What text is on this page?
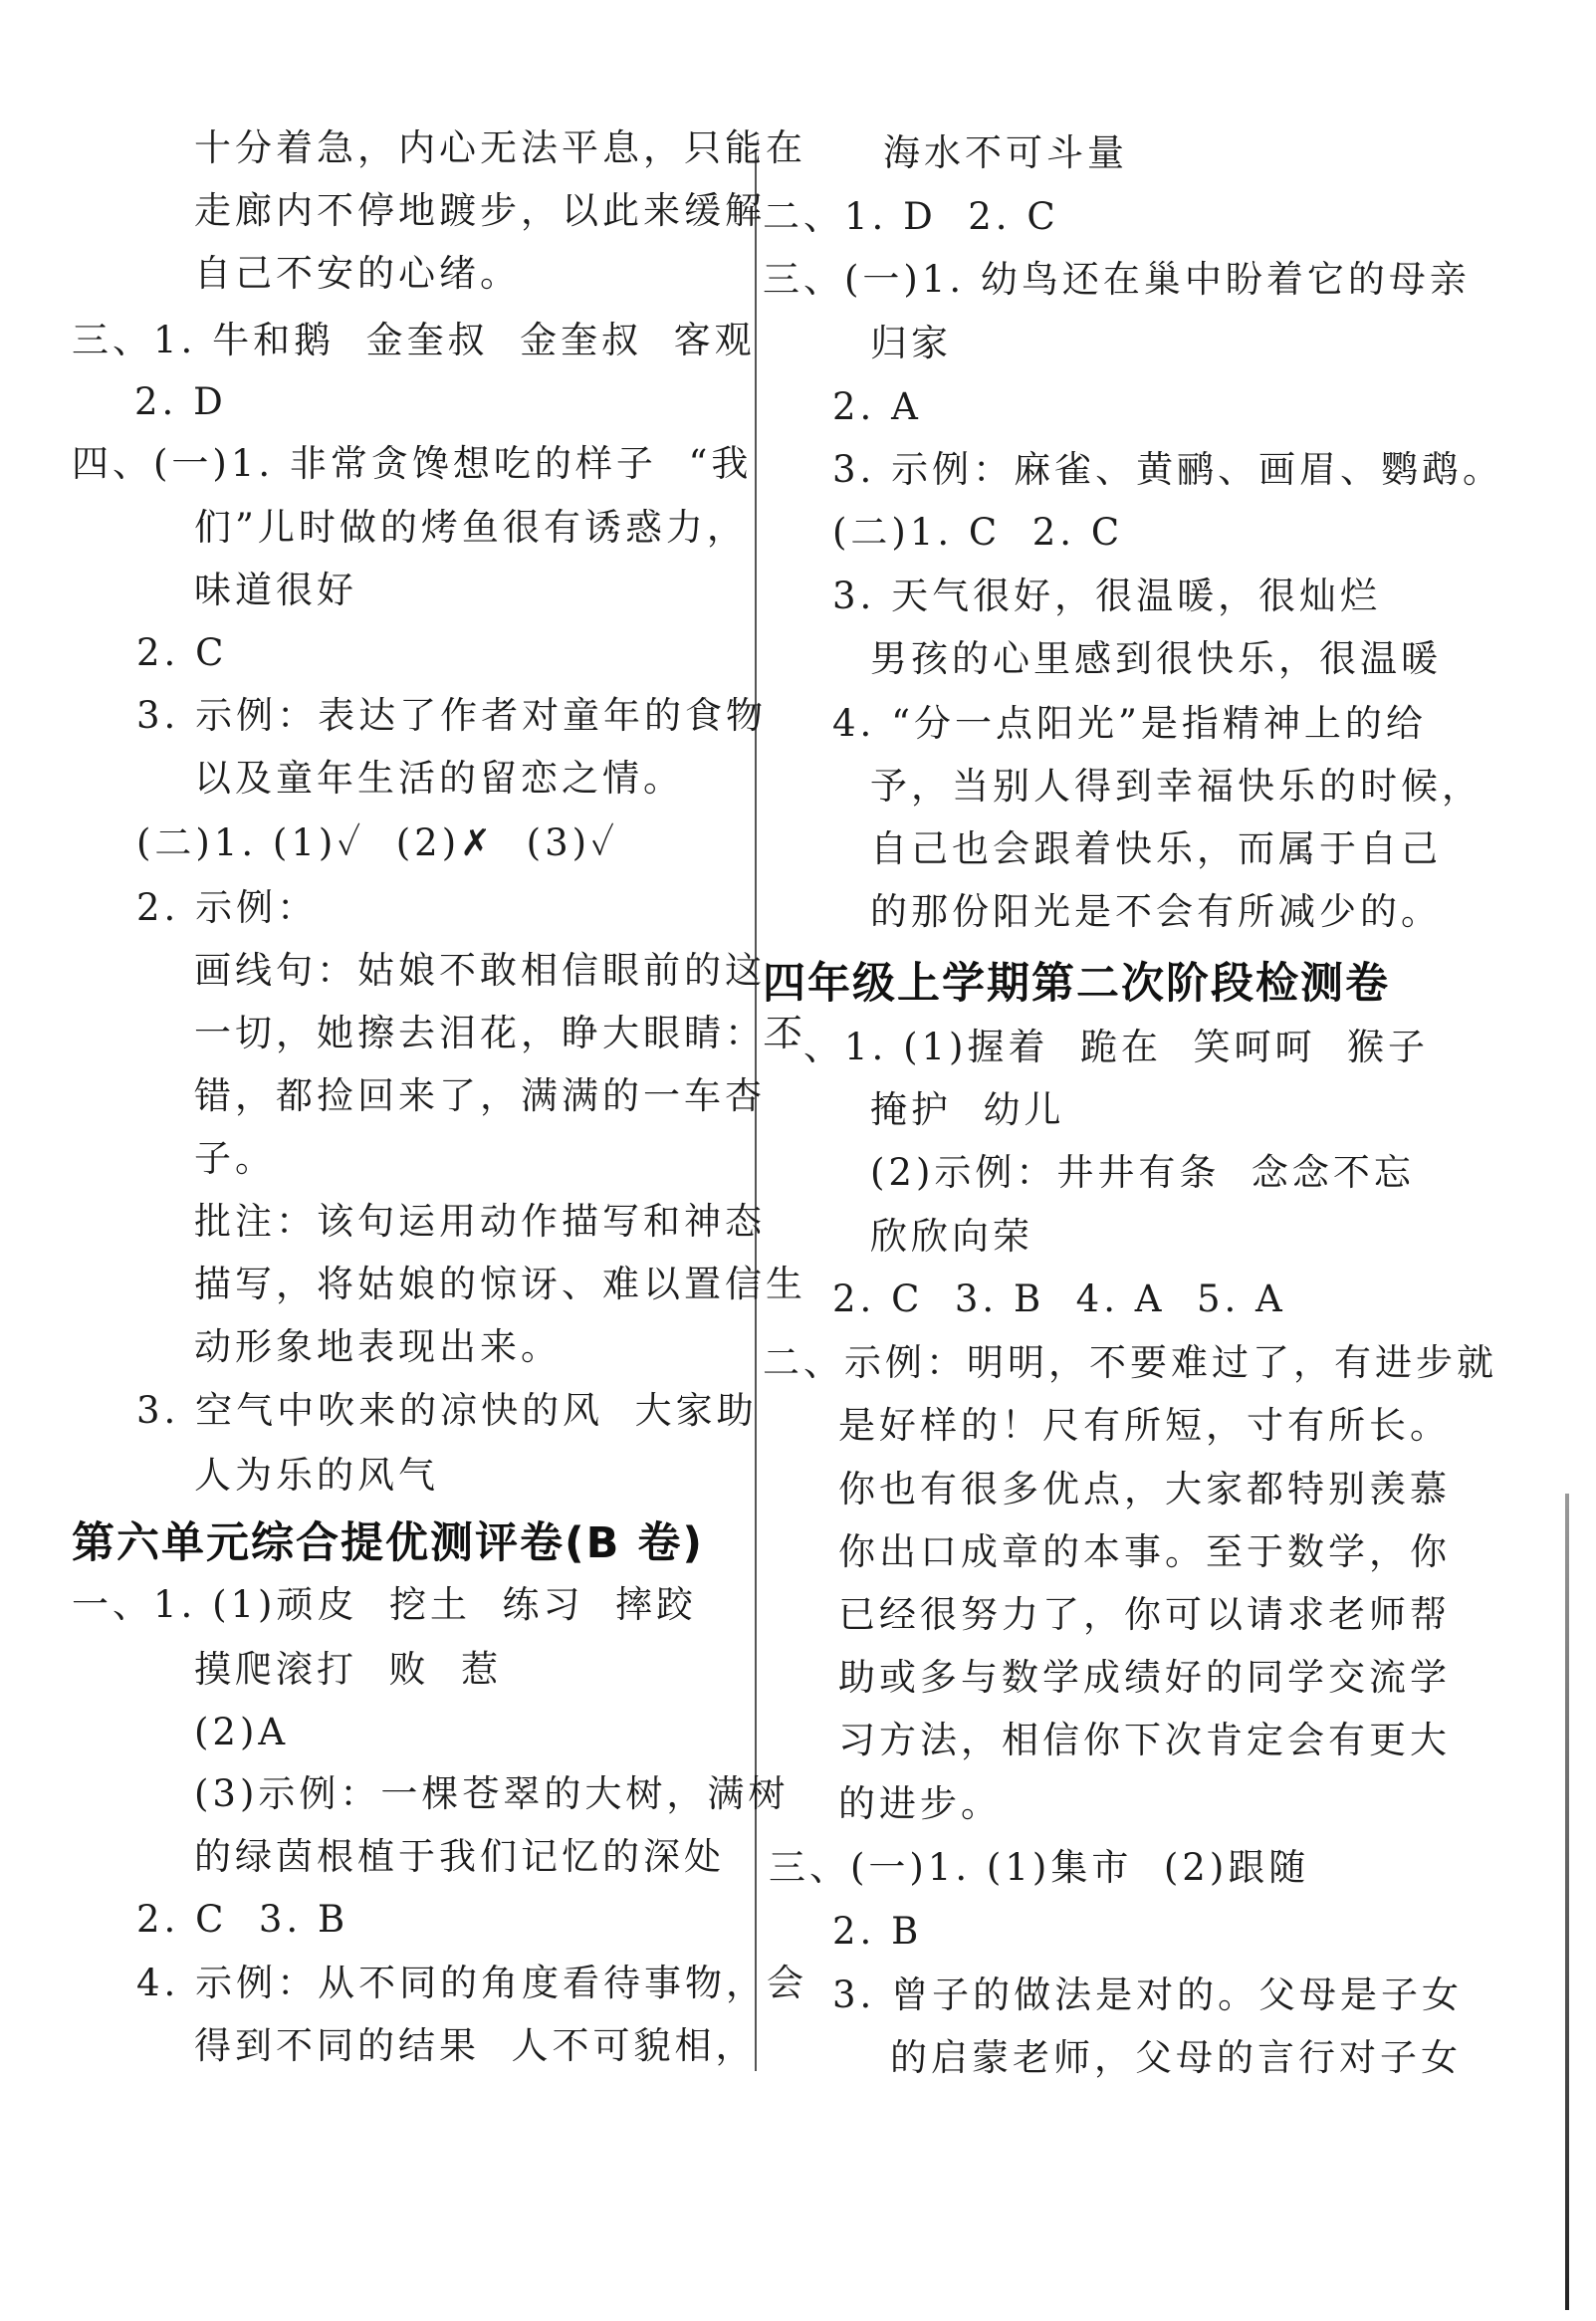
十分着急，内心无法平息，只能在
走廊内不停地踱步，以此来缓解
自己不安的心绪。
三、1. 牛和鹅  金奎叔  金奎叔  客观
2. D
四、(一)1. 非常贪馋想吃的样子  “我
们”儿时做的烤鱼很有诱惑力，
味道很好
2. C
3. 示例：表达了作者对童年的食物
以及童年生活的留恋之情。
(二)1. (1)✓  (2)✗  (3)✓
2. 示例：
画线句：姑娘不敢相信眼前的这
一切，她擦去泪花，睁大眼睛：不
错，都捡回来了，满满的一车杏
子。
批注：该句运用动作描写和神态
描写，将姑娘的惊讶、难以置信生
动形象地表现出来。
3. 空气中吹来的凉快的风  大家助
人为乐的风气
第六单元综合提优测评卷(B 卷)
一、1. (1)顽皮  挖土  练习  摔跤
摸爬滚打  败  惹
(2)A
(3)示例：一棵苍翠的大树，满树
的绿茵根植于我们记忆的深处
2. C  3. B
4. 示例：从不同的角度看待事物，会
得到不同的结果  人不可貌相，
海水不可斗量
二、1. D  2. C
三、(一)1. 幼鸟还在巢中盼着它的母亲
归家
2. A
3. 示例：麻雀、黄鹂、画眉、鹦鹉。
(二)1. C  2. C
3. 天气很好，很温暖，很灿烂
男孩的心里感到很快乐，很温暖
4. “分一点阳光”是指精神上的给
予，当别人得到幸福快乐的时候，
自己也会跟着快乐，而属于自己
的那份阳光是不会有所减少的。
四年级上学期第二次阶段检测卷
一、1. (1)握着  跪在  笑呵呵  猴子
掩护  幼儿
(2)示例：井井有条  念念不忘
欣欣向荣
2. C  3. B  4. A  5. A
二、示例：明明，不要难过了，有进步就
是好样的！尺有所短，寸有所长。
你也有很多优点，大家都特别羡慕
你出口成章的本事。至于数学，你
已经很努力了，你可以请求老师帮
助或多与数学成绩好的同学交流学
习方法，相信你下次肯定会有更大
的进步。
三、(一)1. (1)集市  (2)跟随
2. B
3. 曾子的做法是对的。父母是子女
的启蒙老师，父母的言行对子女
